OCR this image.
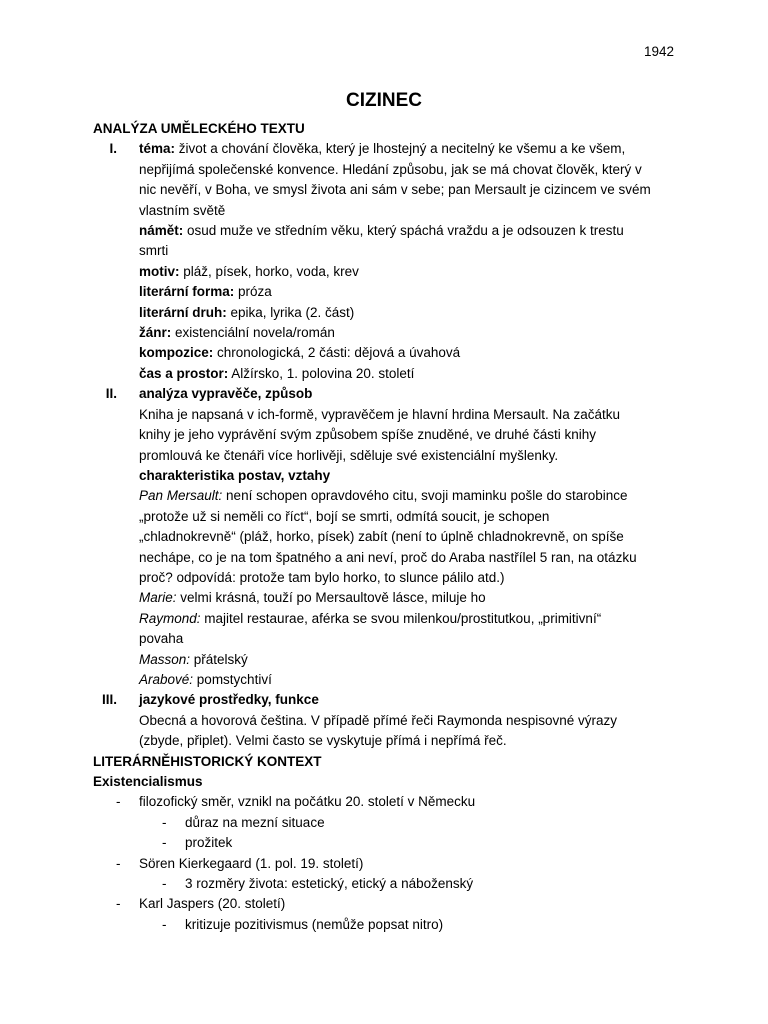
1942
CIZINEC
ANALÝZA UMĚLECKÉHO TEXTU
I. téma: život a chování člověka, který je lhostejný a necitelný ke všemu a ke všem,
nepřijímá společenské konvence. Hledání způsobu, jak se má chovat člověk, který v
nic nevěří, v Boha, ve smysl života ani sám v sebe; pan Mersault je cizincem ve svém
vlastním světě
námět: osud muže ve středním věku, který spáchá vraždu a je odsouzen k trestu
smrti
motiv: pláž, písek, horko, voda, krev
literární forma: próza
literární druh: epika, lyrika (2. část)
žánr: existenciální novela/román
kompozice: chronologická, 2 části: dějová a úvahová
čas a prostor: Alžírsko, 1. polovina 20. století
II. analýza vypravěče, způsob
Kniha je napsaná v ich-formě, vypravěčem je hlavní hrdina Mersault. Na začátku
knihy je jeho vyprávění svým způsobem spíše znuděné, ve druhé části knihy
promlouvá ke čtenáři více horlivěji, sděluje své existenciální myšlenky.
charakteristika postav, vztahy
Pan Mersault: není schopen opravdového citu, svoji maminku pošle do starobince
„protože už si neměli co říct“, bojí se smrti, odmítá soucit, je schopen
„chladnokrevně“ (pláž, horko, písek) zabít (není to úplně chladnokrevně, on spíše
nechápe, co je na tom špatného a ani neví, proč do Araba nastřílel 5 ran, na otázku
proč? odpovídá: protože tam bylo horko, to slunce pálilo atd.)
Marie: velmi krásná, touží po Mersaultově lásce, miluje ho
Raymond: majitel restaurae, aférka se svou milenkou/prostitutkou, „primitivní“
povaha
Masson: přátelský
Arabové: pomstychtiví
III. jazykové prostředky, funkce
Obecná a hovorová čeština. V případě přímé řeči Raymonda nespisovné výrazy
(zbyde, připlet). Velmi často se vyskytuje přímá i nepřímá řeč.
LITERÁRNĚHISTORICKÝ KONTEXT
Existencialismus
- filozofický směr, vznikl na počátku 20. století v Německu
- důraz na mezní situace
- prožitek
- Sören Kierkegaard (1. pol. 19. století)
- 3 rozměry života: estetický, etický a náboženský
- Karl Jaspers (20. století)
- kritizuje pozitivismus (nemůže popsat nitro)
